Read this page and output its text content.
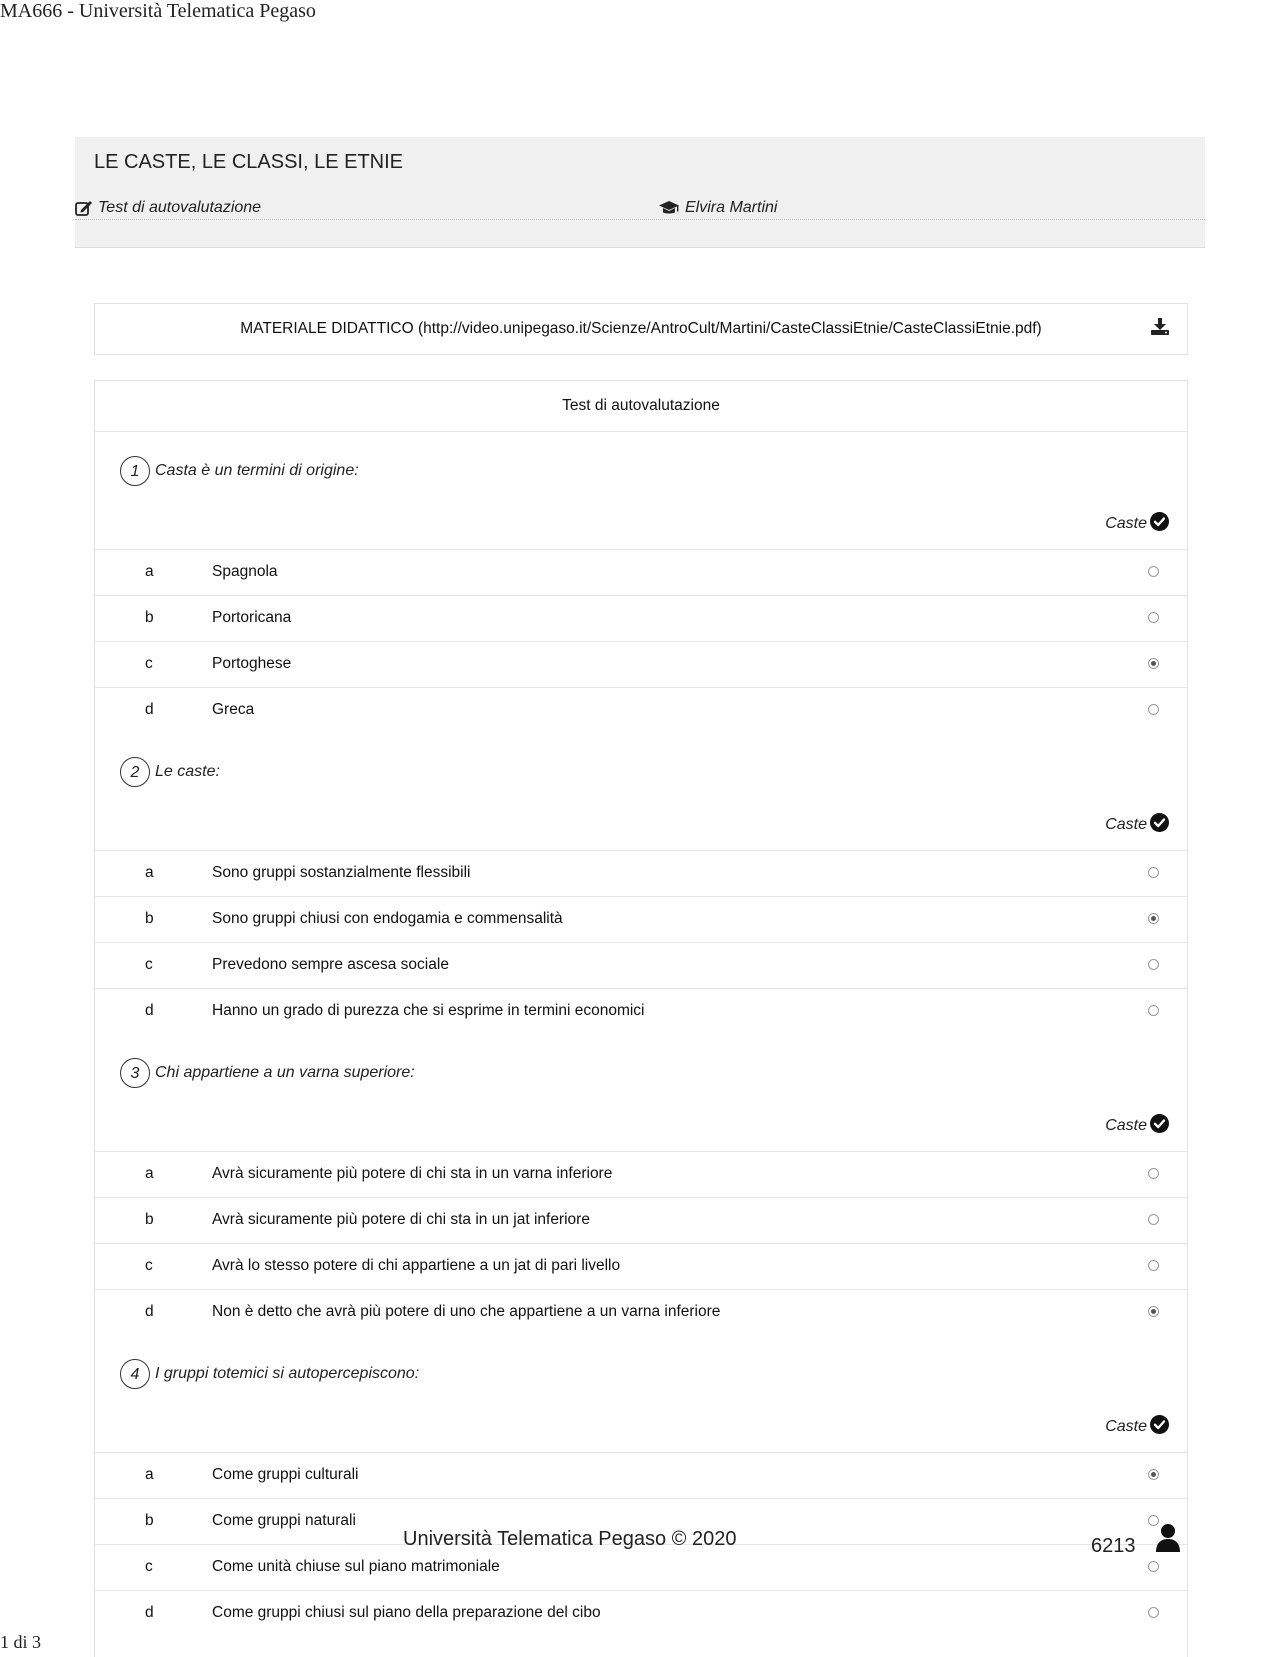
MA666 - Università Telematica Pegaso
LE CASTE, LE CLASSI, LE ETNIE
Test di autovalutazione	Elvira Martini
MATERIALE DIDATTICO (http://video.unipegaso.it/Scienze/AntroCult/Martini/CasteClassiEtnie/CasteClassiEtnie.pdf)
Test di autovalutazione
1 Casta è un termini di origine:
Caste
a	Spagnola
b	Portoricana
c	Portoghese
d	Greca
2 Le caste:
Caste
a	Sono gruppi sostanzialmente flessibili
b	Sono gruppi chiusi con endogamia e commensalità
c	Prevedono sempre ascesa sociale
d	Hanno un grado di purezza che si esprime in termini economici
3 Chi appartiene a un varna superiore:
Caste
a	Avrà sicuramente più potere di chi sta in un varna inferiore
b	Avrà sicuramente più potere di chi sta in un jat inferiore
c	Avrà lo stesso potere di chi appartiene a un jat di pari livello
d	Non è detto che avrà più potere di uno che appartiene a un varna inferiore
4 I gruppi totemici si autopercepiscono:
Caste
a	Come gruppi culturali
b	Come gruppi naturali
c	Come unità chiuse sul piano matrimoniale
d	Come gruppi chiusi sul piano della preparazione del cibo
Università Telematica Pegaso © 2020	6213
1 di 3
